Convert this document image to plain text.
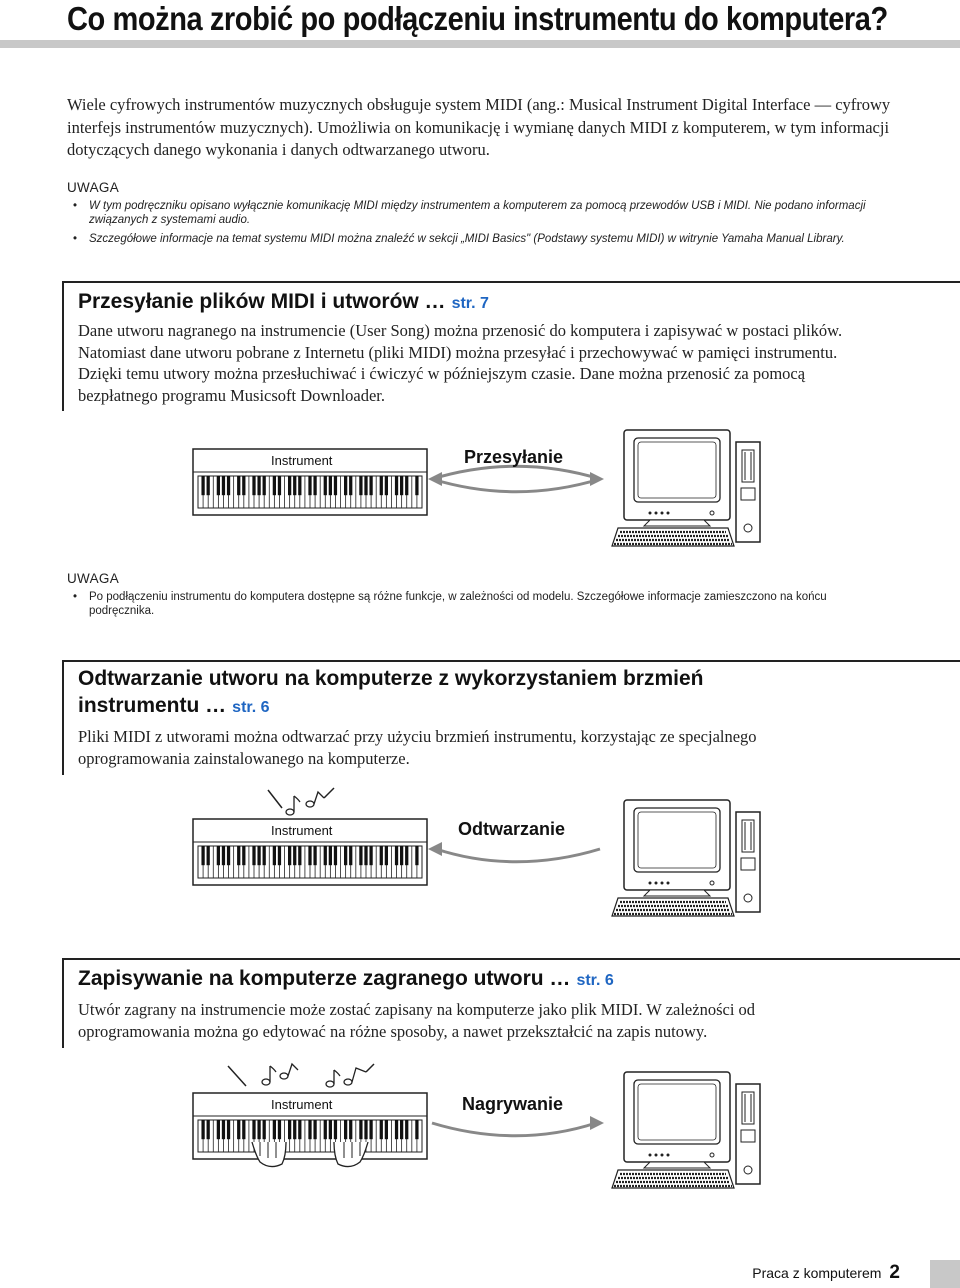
Co można zrobić po podłączeniu instrumentu do komputera?
Wiele cyfrowych instrumentów muzycznych obsługuje system MIDI (ang.: Musical Instrument Digital Interface — cyfrowy interfejs instrumentów muzycznych). Umożliwia on komunikację i wymianę danych MIDI z komputerem, w tym informacji dotyczących danego wykonania i danych odtwarzanego utworu.
UWAGA
• W tym podręczniku opisano wyłącznie komunikację MIDI między instrumentem a komputerem za pomocą przewodów USB i MIDI. Nie podano informacji związanych z systemami audio.
• Szczegółowe informacje na temat systemu MIDI można znaleźć w sekcji „MIDI Basics" (Podstawy systemu MIDI) w witrynie Yamaha Manual Library.
Przesyłanie plików MIDI i utworów … str. 7

Dane utworu nagranego na instrumencie (User Song) można przenosić do komputera i zapisywać w postaci plików. Natomiast dane utworu pobrane z Internetu (pliki MIDI) można przesyłać i przechowywać w pamięci instrumentu. Dzięki temu utwory można przesłuchiwać i ćwiczyć w późniejszym czasie. Dane można przenosić za pomocą bezpłatnego programu Musicsoft Downloader.

Instrument	Przesyłanie
UWAGA
• Po podłączeniu instrumentu do komputera dostępne są różne funkcje, w zależności od modelu. Szczegółowe informacje zamieszczono na końcu podręcznika.
Odtwarzanie utworu na komputerze z wykorzystaniem brzmień
instrumentu … str. 6

Pliki MIDI z utworami można odtwarzać przy użyciu brzmień instrumentu, korzystając ze specjalnego oprogramowania zainstalowanego na komputerze.

Instrument	Odtwarzanie
Zapisywanie na komputerze zagranego utworu … str. 6

Utwór zagrany na instrumencie może zostać zapisany na komputerze jako plik MIDI. W zależności od oprogramowania można go edytować na różne sposoby, a nawet przekształcić na zapis nutowy.

Instrument	Nagrywanie
Praca z komputerem 2
